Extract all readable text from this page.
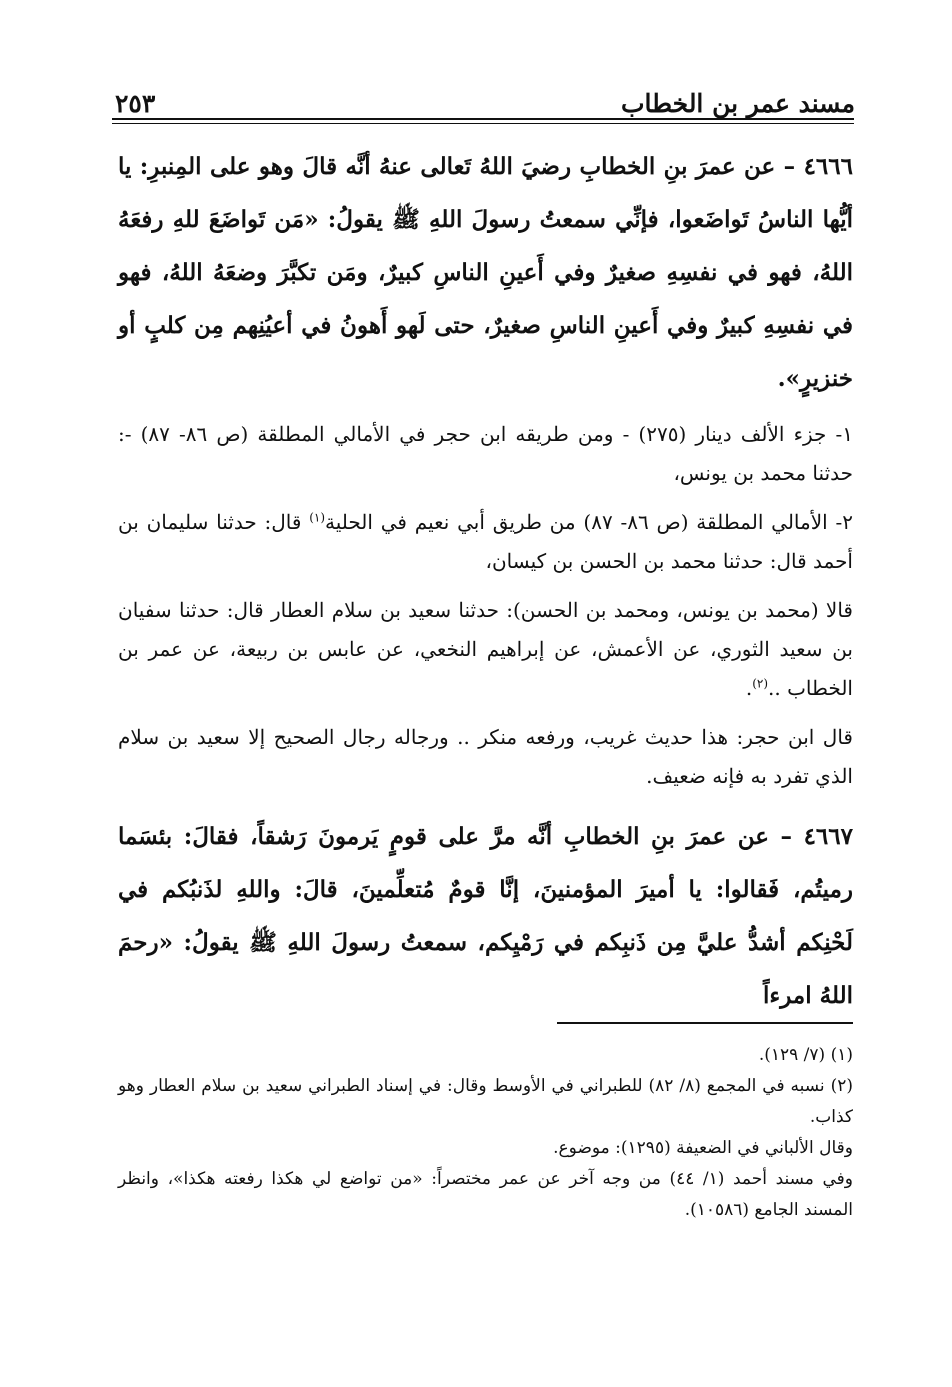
مسند عمر بن الخطاب
٢٥٣

٤٦٦٦ – عن عمرَ بنِ الخطابِ رضيَ اللهُ تَعالى عنهُ أنَّه قالَ وهو على المِنبرِ: يا أيُّها الناسُ تَواضَعوا، فإنِّي سمعتُ رسولَ اللهِ ﷺ يقولُ: «مَن تَواضَعَ للهِ رفعَهُ اللهُ، فهو في نفسِهِ صغيرٌ وفي أَعينِ الناسِ كبيرٌ، ومَن تكبَّرَ وضعَهُ اللهُ، فهو في نفسِهِ كبيرٌ وفي أَعينِ الناسِ صغيرٌ، حتى لَهو أَهونُ في أعيُنِهم مِن كلبٍ أو خنزيرٍ».

١- جزء الألف دينار (٢٧٥) - ومن طريقه ابن حجر في الأمالي المطلقة (ص ٨٦- ٨٧) -: حدثنا محمد بن يونس،

٢- الأمالي المطلقة (ص ٨٦- ٨٧) من طريق أبي نعيم في الحلية$^{(١)}$ قال: حدثنا سليمان بن أحمد قال: حدثنا محمد بن الحسن بن كيسان،

قالا (محمد بن يونس، ومحمد بن الحسن): حدثنا سعيد بن سلام العطار قال: حدثنا سفيان بن سعيد الثوري، عن الأعمش، عن إبراهيم النخعي، عن عابس بن ربيعة، عن عمر بن الخطاب ..$^{(٢)}$.

قال ابن حجر: هذا حديث غريب، ورفعه منكر .. ورجاله رجال الصحيح إلا سعيد بن سلام الذي تفرد به فإنه ضعيف.

٤٦٦٧ – عن عمرَ بنِ الخطابِ أنَّه مرَّ على قومٍ يَرمونَ رَشقاً، فقالَ: بئسَما رميتُم، فَقالوا: يا أميرَ المؤمنينَ، إنَّا قومٌ مُتعلِّمينَ، قالَ: واللهِ لذَنبُكم في لَحْنِكم أشدُّ عليَّ مِن ذَنبِكم في رَمْيِكم، سمعتُ رسولَ اللهِ ﷺ يقولُ: «رحمَ اللهُ امرءاً

(١) (٧/ ١٢٩).

(٢) نسبه في المجمع (٨/ ٨٢) للطبراني في الأوسط وقال: في إسناد الطبراني سعيد بن سلام العطار وهو كذاب.

وقال الألباني في الضعيفة (١٢٩٥): موضوع.

وفي مسند أحمد (١/ ٤٤) من وجه آخر عن عمر مختصراً: «من تواضع لي هكذا رفعته هكذا»، وانظر المسند الجامع (١٠٥٨٦).
